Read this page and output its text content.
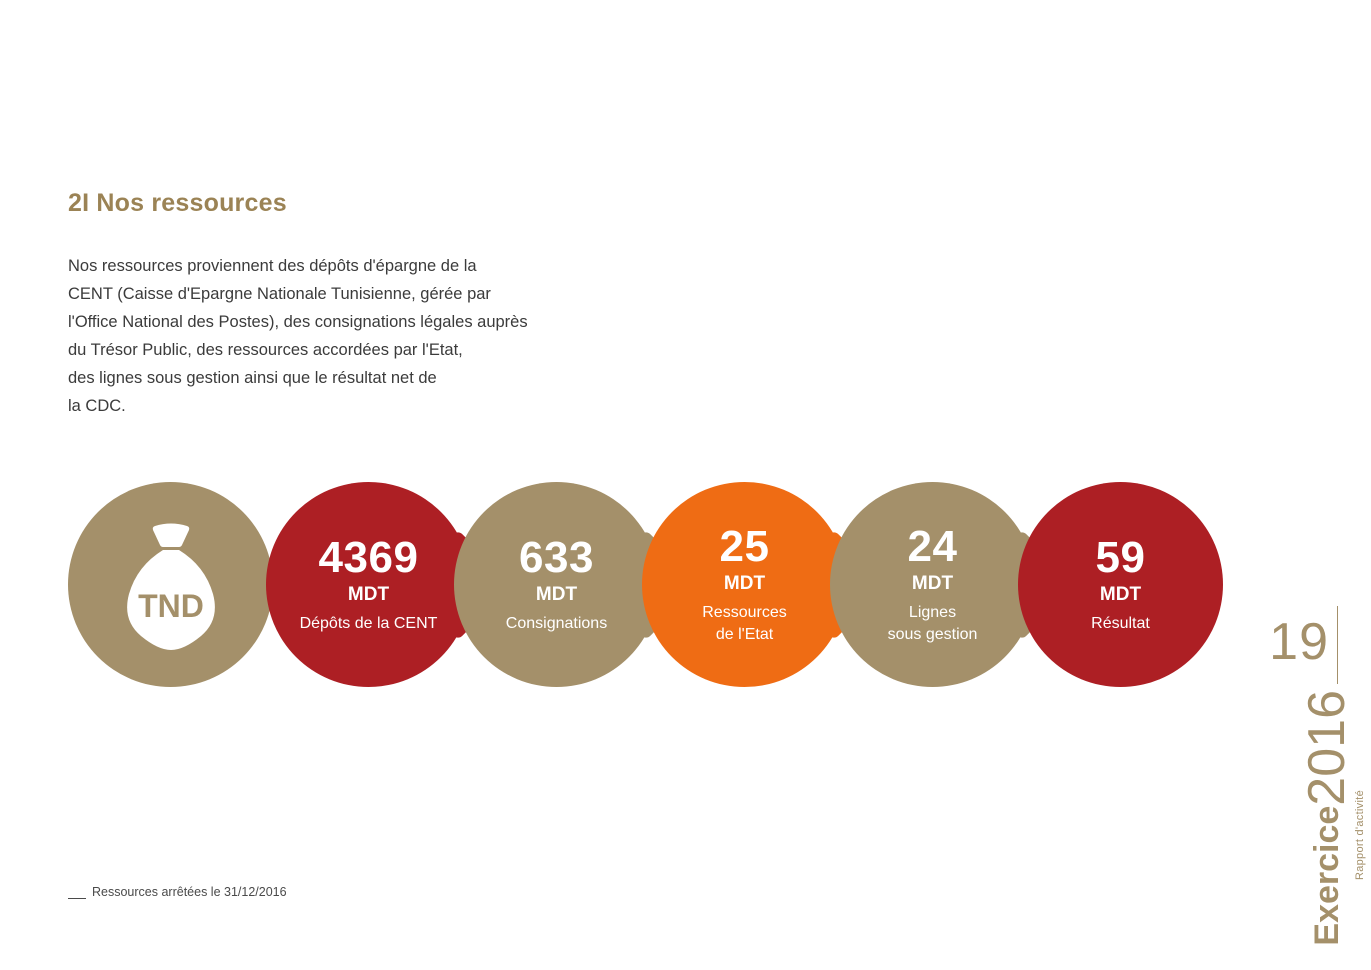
2I Nos ressources
Nos ressources proviennent des dépôts d'épargne de la
CENT (Caisse d'Epargne Nationale Tunisienne, gérée par
l'Office National des Postes), des consignations légales auprès
du Trésor Public, des ressources accordées par l'Etat,
des lignes sous gestion ainsi que le résultat net de
la CDC.
TND
4369
MDT
Dépôts de la CENT
633
MDT
Consignations
25
MDT
Ressources
de l'Etat
24
MDT
Lignes
sous gestion
59
MDT
Résultat
Ressources arrêtées le 31/12/2016
19
Exercice2016
Rapport d'activité
